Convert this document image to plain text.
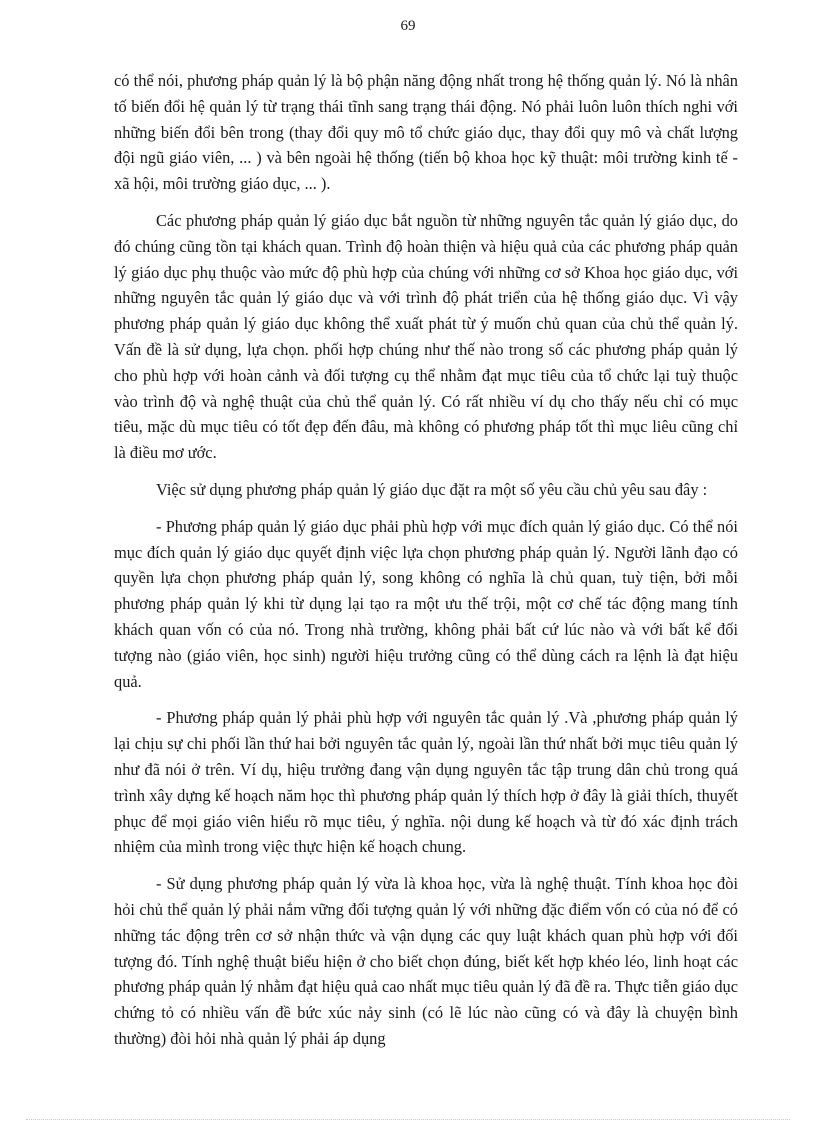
69

có thể nói, phương pháp quản lý là bộ phận năng động nhất trong hệ thống quản lý. Nó là nhân tố biến đổi hệ quản lý từ trạng thái tĩnh sang trạng thái động. Nó phải luôn luôn thích nghi với những biến đổi bên trong (thay đổi quy mô tổ chức giáo dục, thay đổi quy mô và chất lượng đội ngũ giáo viên, ... ) và bên ngoài hệ thống (tiến bộ khoa học kỹ thuật: môi trường kinh tế - xã hội, môi trường giáo dục, ... ).

Các phương pháp quản lý giáo dục bắt nguồn từ những nguyên tắc quản lý giáo dục, do đó chúng cũng tồn tại khách quan. Trình độ hoàn thiện và hiệu quả của các phương pháp quản lý giáo dục phụ thuộc vào mức độ phù hợp của chúng với những cơ sở Khoa học giáo dục, với những nguyên tắc quản lý giáo dục và với trình độ phát triển của hệ thống giáo dục. Vì vậy phương pháp quản lý giáo dục không thể xuất phát từ ý muốn chủ quan của chủ thể quản lý. Vấn đề là sử dụng, lựa chọn. phối hợp chúng như thế nào trong số các phương pháp quản lý cho phù hợp với hoàn cảnh và đối tượng cụ thể nhằm đạt mục tiêu của tổ chức lại tuỳ thuộc vào trình độ và nghệ thuật của chủ thể quản lý. Có rất nhiều ví dụ cho thấy nếu chỉ có mục tiêu, mặc dù mục tiêu có tốt đẹp đến đâu, mà không có phương pháp tốt thì mục liêu cũng chỉ là điều mơ ước.

Việc sử dụng phương pháp quản lý giáo dục đặt ra một số yêu cầu chủ yêu sau đây :

- Phương pháp quản lý giáo dục phải phù hợp với mục đích quản lý giáo dục. Có thể nói mục đích quản lý giáo dục quyết định việc lựa chọn phương pháp quản lý. Người lãnh đạo có quyền lựa chọn phương pháp quản lý, song không có nghĩa là chủ quan, tuỳ tiện, bởi mỗi phương pháp quản lý khi từ dụng lại tạo ra một ưu thế trội, một cơ chế tác động mang tính khách quan vốn có của nó. Trong nhà trường, không phải bất cứ lúc nào và với bất kể đối tượng nào (giáo viên, học sinh) người hiệu trưởng cũng có thể dùng cách ra lệnh là đạt hiệu quả.

- Phương pháp quản lý phải phù hợp với nguyên tắc quản lý .Và ,phương pháp quản lý lại chịu sự chi phối lần thứ hai bởi nguyên tắc quản lý, ngoài lần thứ nhất bởi mục tiêu quản lý như đã nói ở trên. Ví dụ, hiệu trưởng đang vận dụng nguyên tắc tập trung dân chủ trong quá trình xây dựng kế hoạch năm học thì phương pháp quản lý thích hợp ở đây là giải thích, thuyết phục để mọi giáo viên hiểu rõ mục tiêu, ý nghĩa. nội dung kế hoạch và từ đó xác định trách nhiệm của mình trong việc thực hiện kế hoạch chung.

- Sử dụng phương pháp quản lý vừa là khoa học, vừa là nghệ thuật. Tính khoa học đòi hỏi chủ thể quản lý phải nắm vững đối tượng quản lý với những đặc điểm vốn có của nó để có những tác động trên cơ sở nhận thức và vận dụng các quy luật khách quan phù hợp với đối tượng đó. Tính nghệ thuật biểu hiện ở cho biết chọn đúng, biết kết hợp khéo léo, linh hoạt các phương pháp quản lý nhằm đạt hiệu quả cao nhất mục tiêu quản lý đã đề ra. Thực tiễn giáo dục chứng tỏ có nhiều vấn đề bức xúc nảy sinh (có lẽ lúc nào cũng có và đây là chuyện bình thường) đòi hỏi nhà quản lý phải áp dụng
